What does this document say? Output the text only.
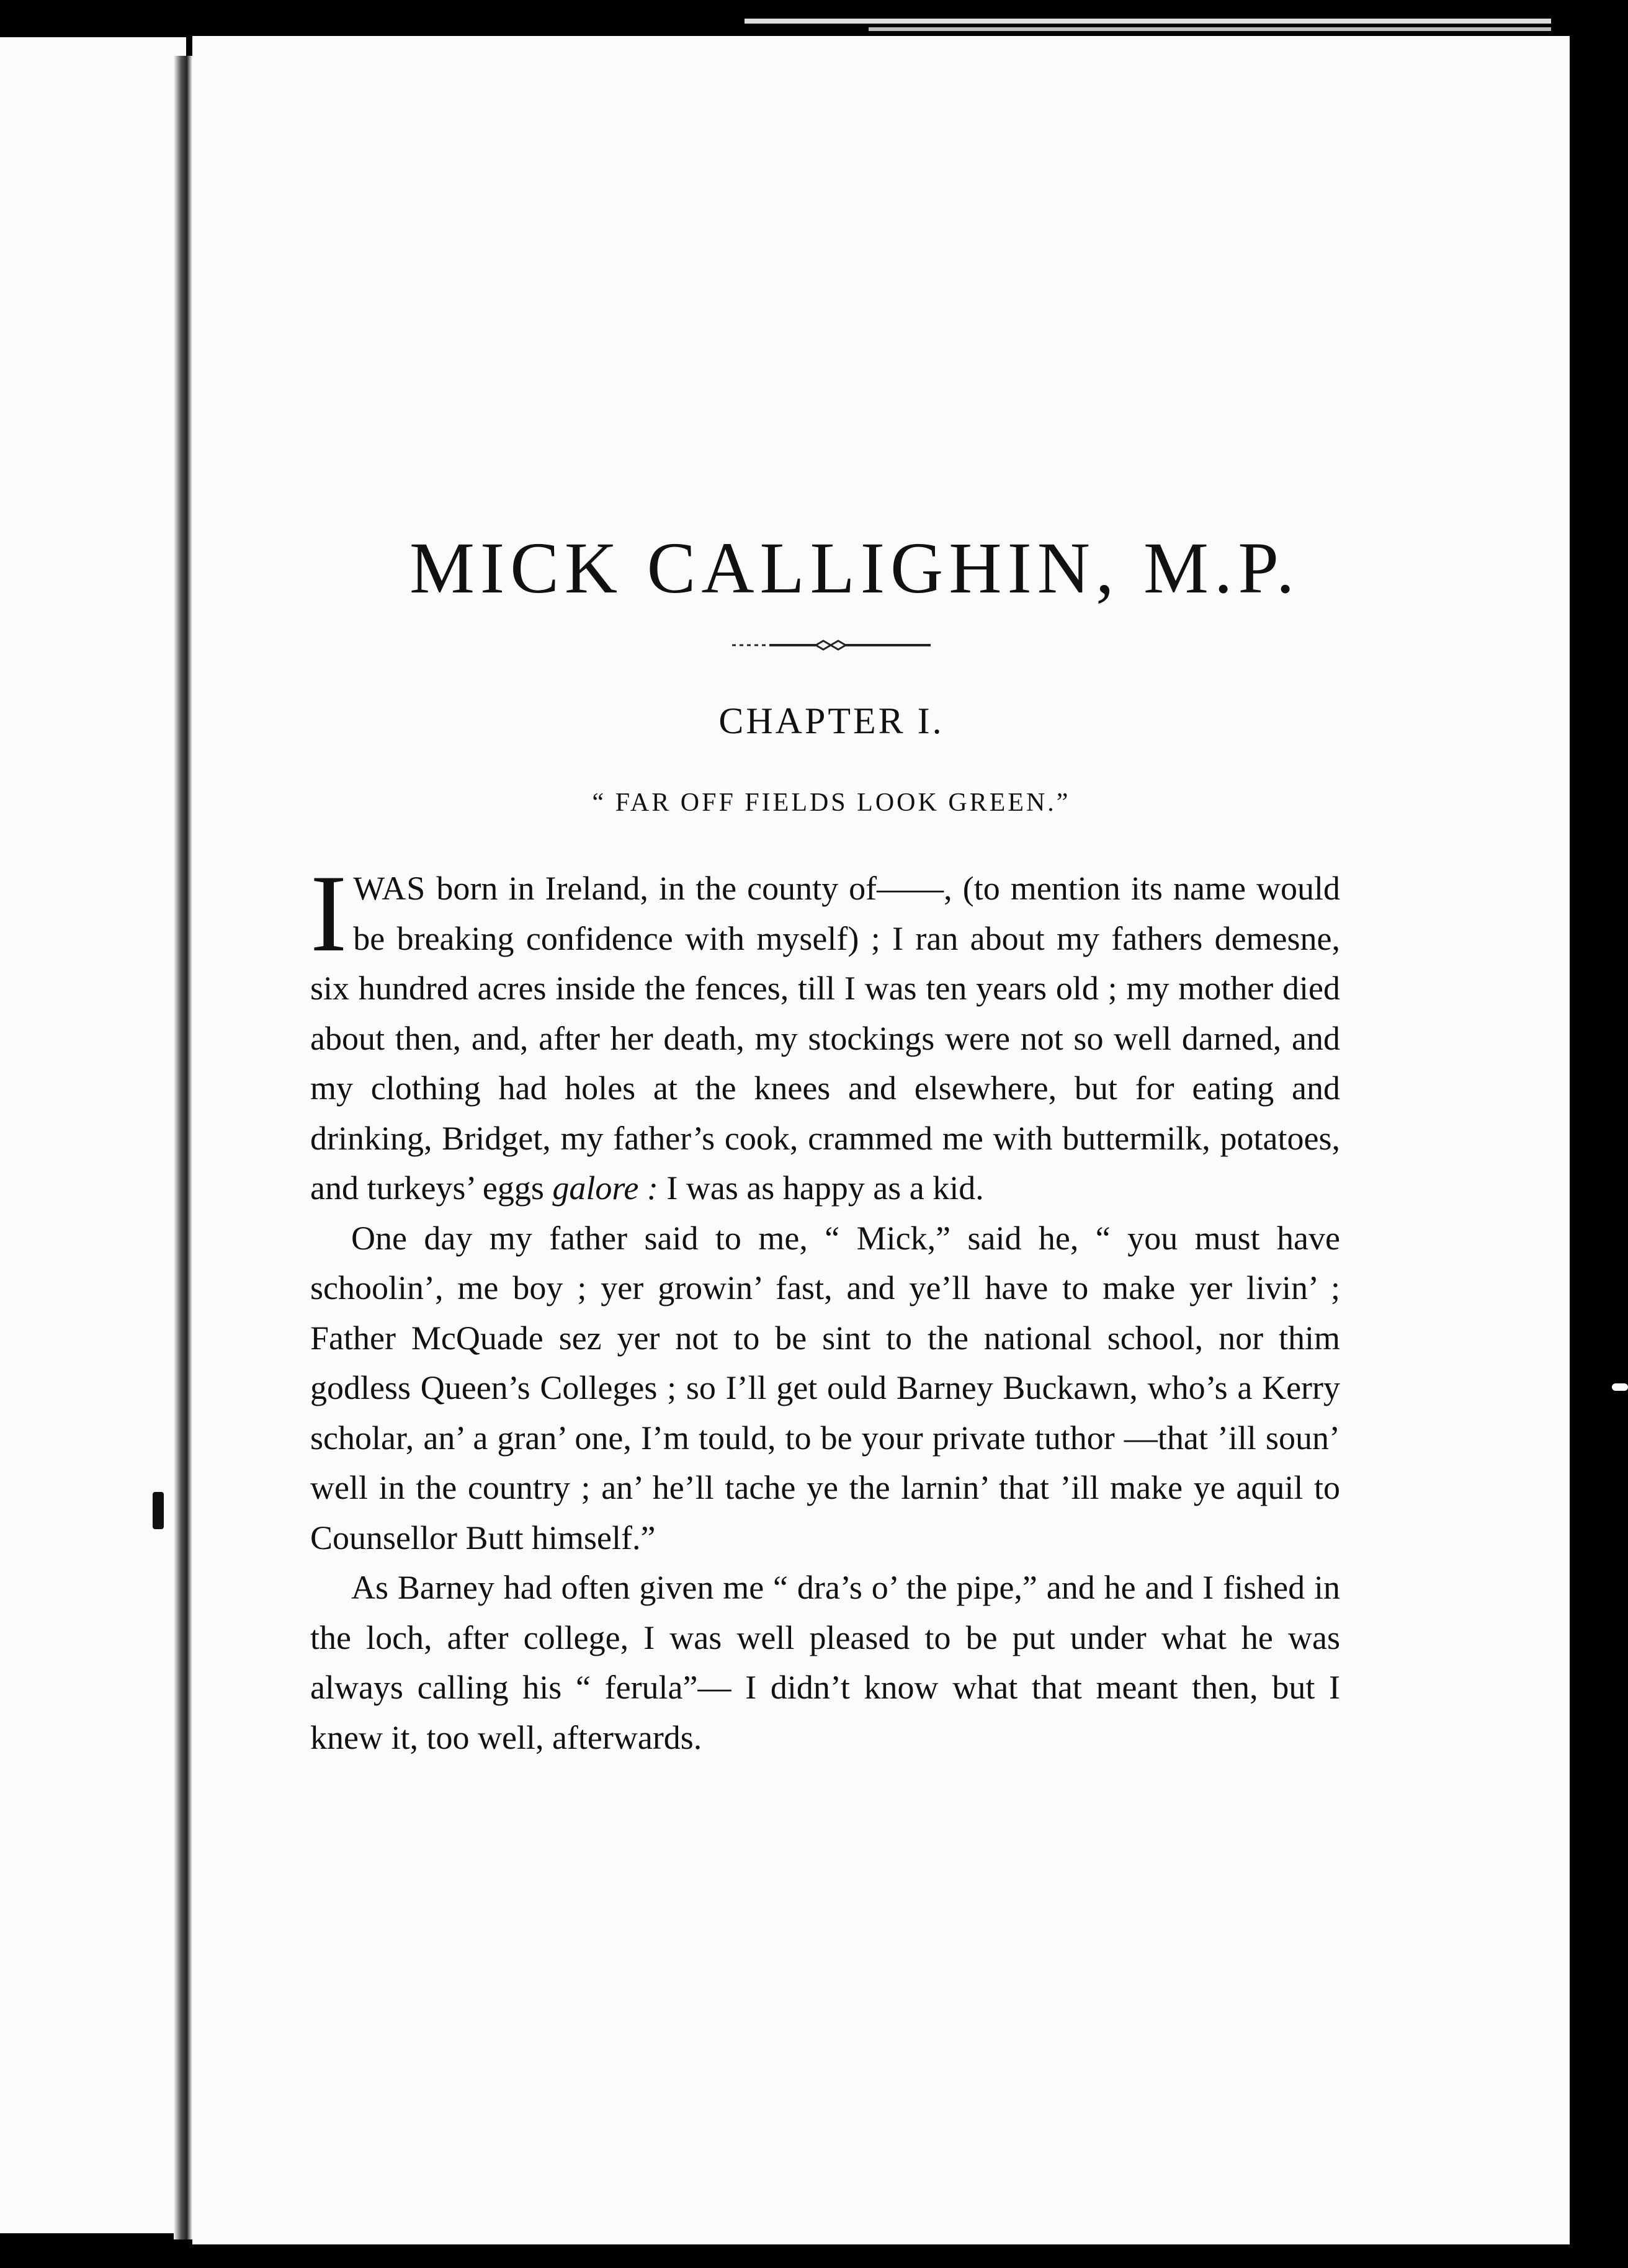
MICK CALLIGHIN, M.P.
CHAPTER I.
“ FAR OFF FIELDS LOOK GREEN.”

IWAS born in Ireland, in the county of——, (to mention its name would be breaking confidence with myself) ; I ran about my fathers demesne, six hundred acres inside the fences, till I was ten years old ; my mother died about then, and, after her death, my stockings were not so well darned, and my clothing had holes at the knees and elsewhere, but for eating and drinking, Bridget, my father’s cook, crammed me with buttermilk, potatoes, and turkeys’ eggs galore : I was as happy as a kid.

One day my father said to me, “ Mick,” said he, “ you must have schoolin’, me boy ; yer growin’ fast, and ye’ll have to make yer livin’ ; Father McQuade sez yer not to be sint to the national school, nor thim godless Queen’s Colleges ; so I’ll get ould Barney Buckawn, who’s a Kerry scholar, an’ a gran’ one, I’m tould, to be your private tuthor —that ’ill soun’ well in the country ; an’ he’ll tache ye the larnin’ that ’ill make ye aquil to Counsellor Butt himself.”

As Barney had often given me “ dra’s o’ the pipe,” and he and I fished in the loch, after college, I was well pleased to be put under what he was always calling his “ ferula”— I didn’t know what that meant then, but I knew it, too well, afterwards.
